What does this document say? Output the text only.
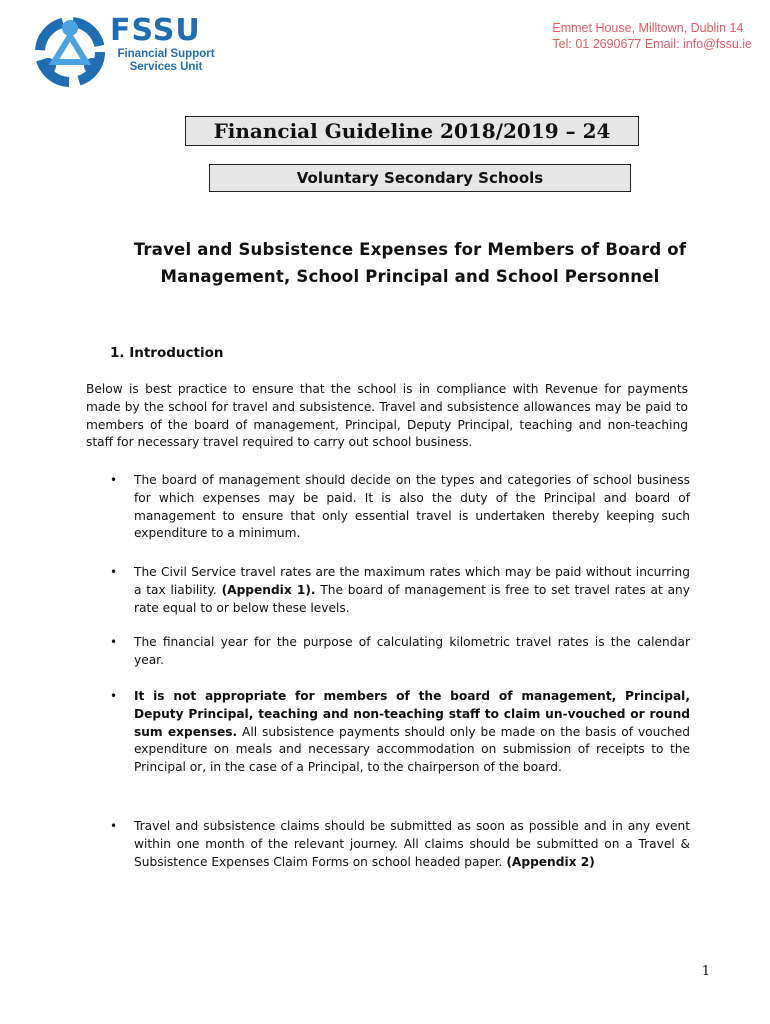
FSSU
Financial Support
Services Unit
Emmet House, Milltown, Dublin 14
Tel: 01 2690677 Email: info@fssu.ie
Financial Guideline 2018/2019 – 24
Voluntary Secondary Schools
Travel and Subsistence Expenses for Members of Board of
Management, School Principal and School Personnel
1. Introduction
Below is best practice to ensure that the school is in compliance with Revenue for payments made by the school for travel and subsistence. Travel and subsistence allowances may be paid to members of the board of management, Principal, Deputy Principal, teaching and non-teaching staff for necessary travel required to carry out school business.
• The board of management should decide on the types and categories of school business for which expenses may be paid. It is also the duty of the Principal and board of management to ensure that only essential travel is undertaken thereby keeping such expenditure to a minimum.
• The Civil Service travel rates are the maximum rates which may be paid without incurring a tax liability. (Appendix 1). The board of management is free to set travel rates at any rate equal to or below these levels.
• The financial year for the purpose of calculating kilometric travel rates is the calendar year.
• It is not appropriate for members of the board of management, Principal, Deputy Principal, teaching and non-teaching staff to claim un-vouched or round sum expenses. All subsistence payments should only be made on the basis of vouched expenditure on meals and necessary accommodation on submission of receipts to the Principal or, in the case of a Principal, to the chairperson of the board.
• Travel and subsistence claims should be submitted as soon as possible and in any event within one month of the relevant journey. All claims should be submitted on a Travel & Subsistence Expenses Claim Forms on school headed paper. (Appendix 2)
1
